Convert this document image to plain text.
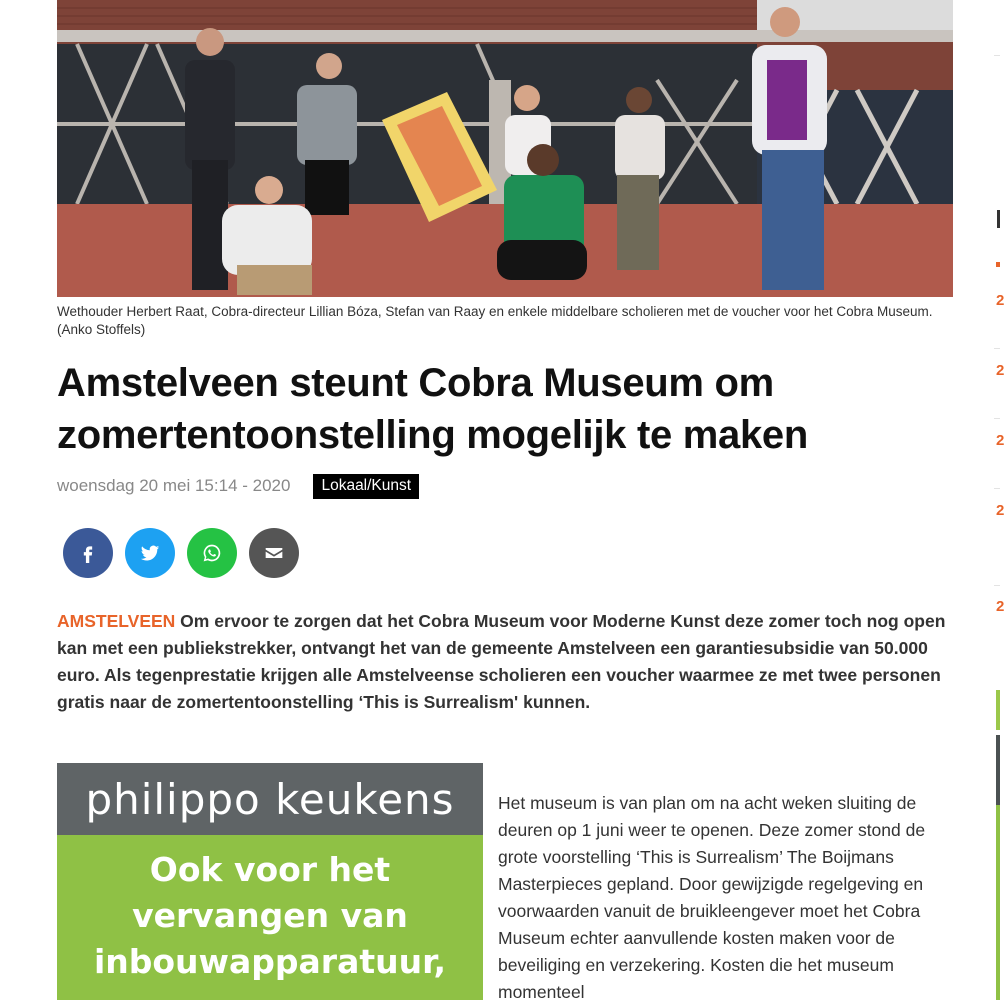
Wethouder Herbert Raat, Cobra-directeur Lillian Bóza, Stefan van Raay en enkele middelbare scholieren met de voucher voor het Cobra Museum. (Anko Stoffels)
Amstelveen steunt Cobra Museum om zomertentoonstelling mogelijk te maken
woensdag 20 mei 15:14 - 2020	Lokaal/Kunst

AMSTELVEEN Om ervoor te zorgen dat het Cobra Museum voor Moderne Kunst deze zomer toch nog open kan met een publiekstrekker, ontvangt het van de gemeente Amstelveen een garantiesubsidie van 50.000 euro. Als tegenprestatie krijgen alle Amstelveense scholieren een voucher waarmee ze met twee personen gratis naar de zomertentoonstelling ‘This is Surrealism' kunnen.

philippo keukens
Ook voor het
vervangen van
inbouwapparatuur,

Het museum is van plan om na acht weken sluiting de deuren op 1 juni weer te openen. Deze zomer stond de grote voorstelling ‘This is Surrealism’ The Boijmans Masterpieces gepland. Door gewijzigde regelgeving en voorwaarden vanuit de bruikleengever moet het Cobra Museum echter aanvullende kosten maken voor de beveiliging en verzekering. Kosten die het museum momenteel

2
2
2
2
2
